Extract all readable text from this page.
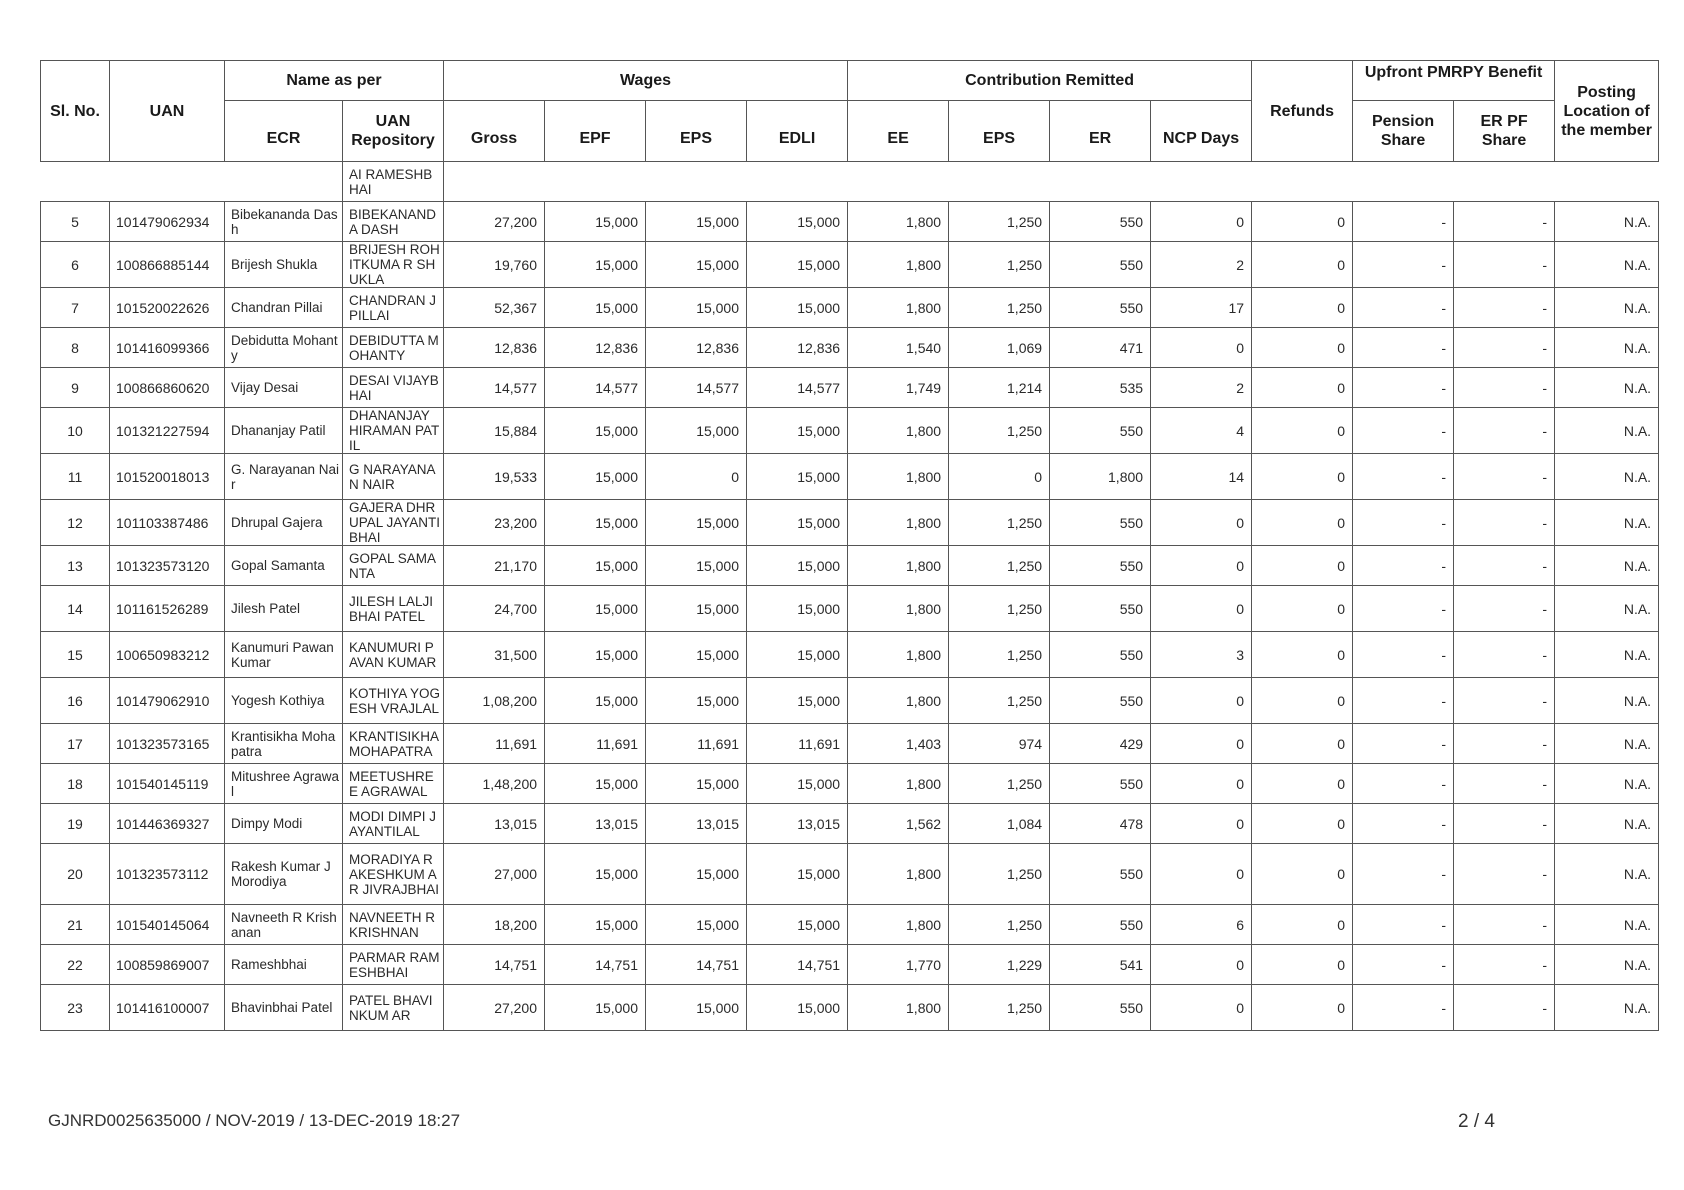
Sl. No.	UAN	Name as per		Wages				Contribution Remitted				Refunds	Upfront PMRPY Benefit		Posting Location of the member
		ECR	UAN Repository	Gross	EPF	EPS	EDLI	EE	EPS	ER	NCP Days		Pension Share	ER PF Share	
			AI RAMESHBHAI												
5	101479062934	Bibekananda Dash	BIBEKANAND A DASH	27,200	15,000	15,000	15,000	1,800	1,250	550	0	0	-	-	N.A.
6	100866885144	Brijesh Shukla	BRIJESH ROHITKUMA R SHUKLA	19,760	15,000	15,000	15,000	1,800	1,250	550	2	0	-	-	N.A.
7	101520022626	Chandran Pillai	CHANDRAN J PILLAI	52,367	15,000	15,000	15,000	1,800	1,250	550	17	0	-	-	N.A.
8	101416099366	Debidutta Mohanty	DEBIDUTTA MOHANTY	12,836	12,836	12,836	12,836	1,540	1,069	471	0	0	-	-	N.A.
9	100866860620	Vijay Desai	DESAI VIJAYBHAI	14,577	14,577	14,577	14,577	1,749	1,214	535	2	0	-	-	N.A.
10	101321227594	Dhananjay Patil	DHANANJAY HIRAMAN PATIL	15,884	15,000	15,000	15,000	1,800	1,250	550	4	0	-	-	N.A.
11	101520018013	G. Narayanan Nair	G NARAYANAN NAIR	19,533	15,000	0	15,000	1,800	0	1,800	14	0	-	-	N.A.
12	101103387486	Dhrupal Gajera	GAJERA DHRUPAL JAYANTIBHAI	23,200	15,000	15,000	15,000	1,800	1,250	550	0	0	-	-	N.A.
13	101323573120	Gopal Samanta	GOPAL SAMANTA	21,170	15,000	15,000	15,000	1,800	1,250	550	0	0	-	-	N.A.
14	101161526289	Jilesh Patel	JILESH LALJIBHAI PATEL	24,700	15,000	15,000	15,000	1,800	1,250	550	0	0	-	-	N.A.
15	100650983212	Kanumuri Pawan Kumar	KANUMURI PAVAN KUMAR	31,500	15,000	15,000	15,000	1,800	1,250	550	3	0	-	-	N.A.
16	101479062910	Yogesh Kothiya	KOTHIYA YOGESH VRAJLAL	1,08,200	15,000	15,000	15,000	1,800	1,250	550	0	0	-	-	N.A.
17	101323573165	Krantisikha Mohapatra	KRANTISIKHA MOHAPATRA	11,691	11,691	11,691	11,691	1,403	974	429	0	0	-	-	N.A.
18	101540145119	Mitushree Agrawal	MEETUSHRE E AGRAWAL	1,48,200	15,000	15,000	15,000	1,800	1,250	550	0	0	-	-	N.A.
19	101446369327	Dimpy Modi	MODI DIMPI JAYANTILAL	13,015	13,015	13,015	13,015	1,562	1,084	478	0	0	-	-	N.A.
20	101323573112	Rakesh Kumar J Morodiya	MORADIYA RAKESHKUM AR JIVRAJBHAI	27,000	15,000	15,000	15,000	1,800	1,250	550	0	0	-	-	N.A.
21	101540145064	Navneeth R Krishanan	NAVNEETH R KRISHNAN	18,200	15,000	15,000	15,000	1,800	1,250	550	6	0	-	-	N.A.
22	100859869007	Rameshbhai	PARMAR RAMESHBHAI	14,751	14,751	14,751	14,751	1,770	1,229	541	0	0	-	-	N.A.
23	101416100007	Bhavinbhai Patel	PATEL BHAVINKUM AR	27,200	15,000	15,000	15,000	1,800	1,250	550	0	0	-	-	N.A.
GJNRD0025635000 / NOV-2019 / 13-DEC-2019 18:27	2 / 4
